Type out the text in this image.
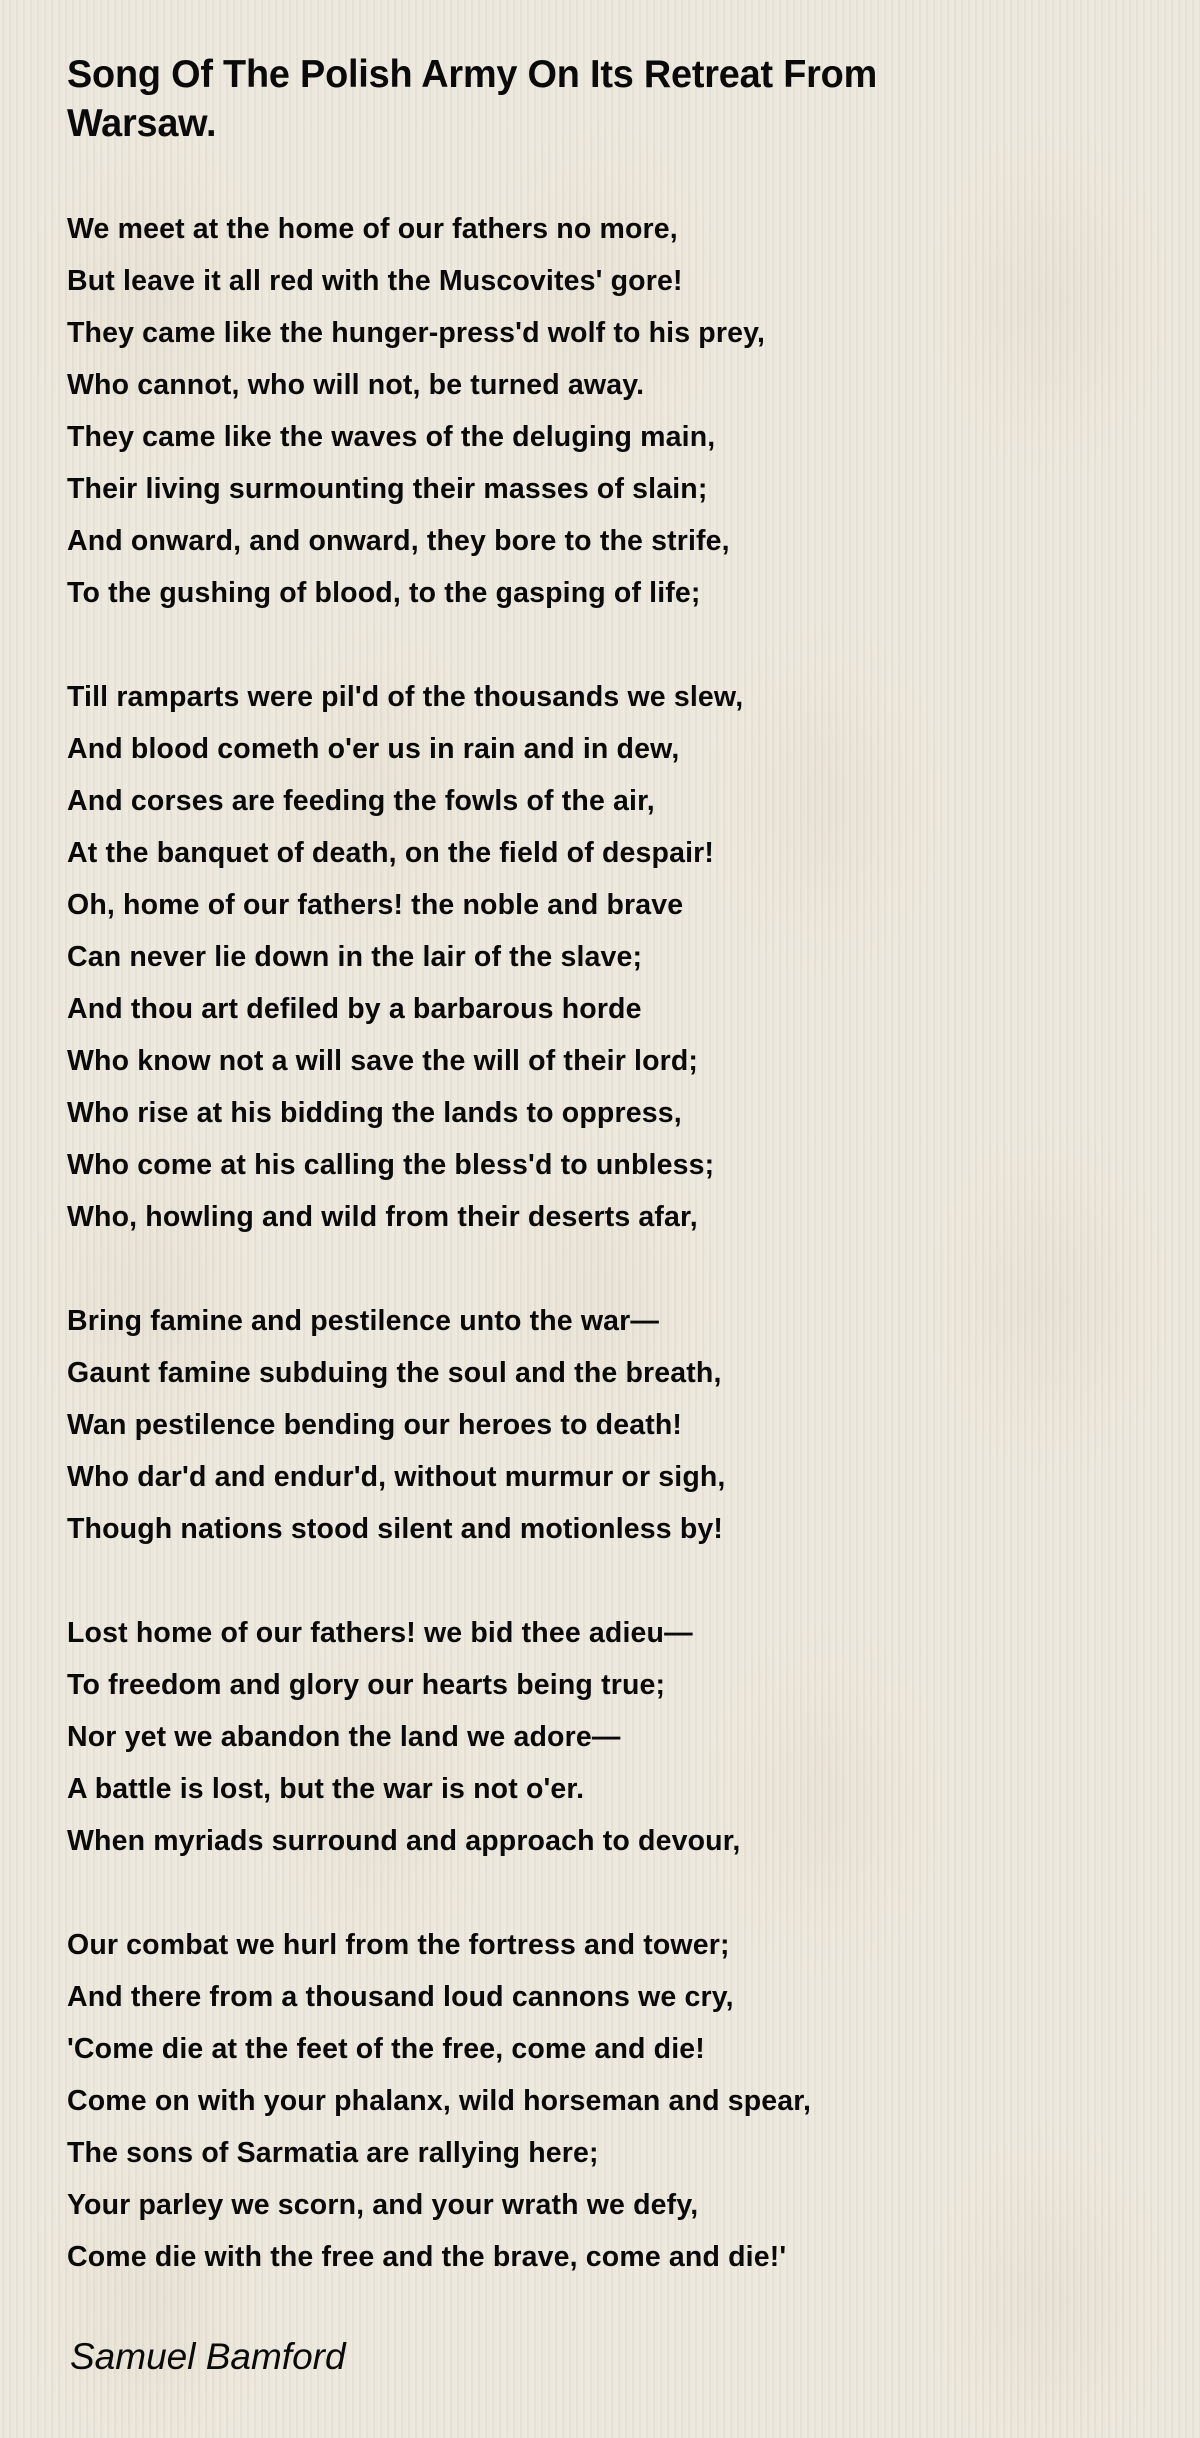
Song Of The Polish Army On Its Retreat From Warsaw.
We meet at the home of our fathers no more,
But leave it all red with the Muscovites' gore!
They came like the hunger-press'd wolf to his prey,
Who cannot, who will not, be turned away.
They came like the waves of the deluging main,
Their living surmounting their masses of slain;
And onward, and onward, they bore to the strife,
To the gushing of blood, to the gasping of life;
Till ramparts were pil'd of the thousands we slew,
And blood cometh o'er us in rain and in dew,
And corses are feeding the fowls of the air,
At the banquet of death, on the field of despair!
Oh, home of our fathers! the noble and brave
Can never lie down in the lair of the slave;
And thou art defiled by a barbarous horde
Who know not a will save the will of their lord;
Who rise at his bidding the lands to oppress,
Who come at his calling the bless'd to unbless;
Who, howling and wild from their deserts afar,
Bring famine and pestilence unto the war—
Gaunt famine subduing the soul and the breath,
Wan pestilence bending our heroes to death!
Who dar'd and endur'd, without murmur or sigh,
Though nations stood silent and motionless by!
Lost home of our fathers! we bid thee adieu—
To freedom and glory our hearts being true;
Nor yet we abandon the land we adore—
A battle is lost, but the war is not o'er.
When myriads surround and approach to devour,
Our combat we hurl from the fortress and tower;
And there from a thousand loud cannons we cry,
'Come die at the feet of the free, come and die!
Come on with your phalanx, wild horseman and spear,
The sons of Sarmatia are rallying here;
Your parley we scorn, and your wrath we defy,
Come die with the free and the brave, come and die!'
Samuel Bamford
